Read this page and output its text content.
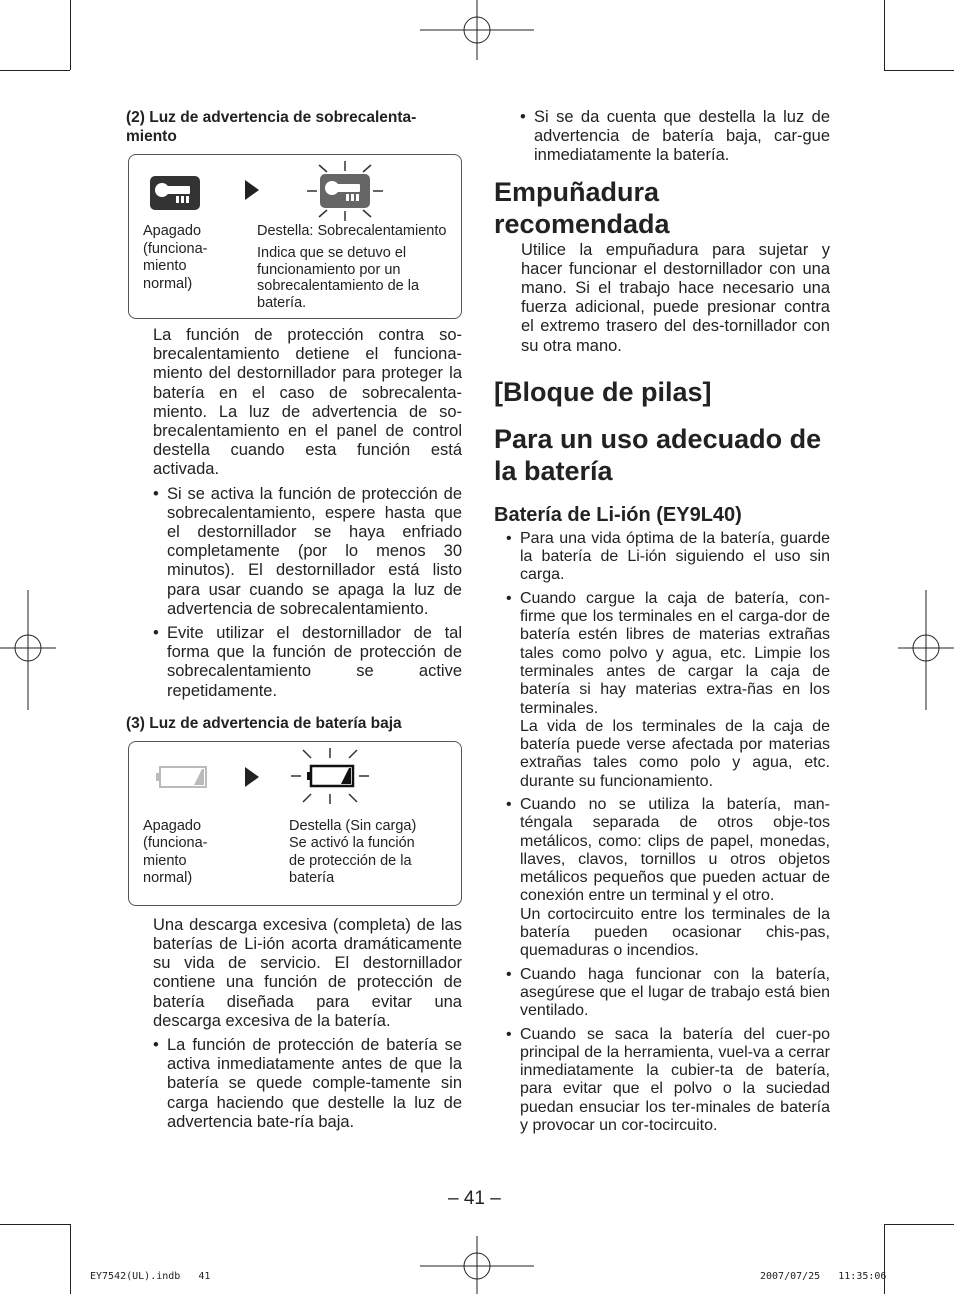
(2) Luz de advertencia de sobrecalenta-
miento
Apagado
(funciona-
miento
normal)
Destella: Sobrecalentamiento
Indica que se detuvo el
funcionamiento por un
sobrecalentamiento de la
batería.

La función de protección contra so-brecalentamiento detiene el funciona-miento del destornillador para proteger la batería en el caso de sobrecalenta-miento. La luz de advertencia de so-brecalentamiento en el panel de control destella cuando esta función está activada.

• Si se activa la función de protección de sobrecalentamiento, espere hasta que el destornillador se haya enfriado completamente (por lo menos 30 minutos). El destornillador está listo para usar cuando se apaga la luz de advertencia de sobrecalentamiento.
• Evite utilizar el destornillador de tal forma que la función de protección de sobrecalentamiento se active repetidamente.
(3) Luz de advertencia de batería baja
Apagado
(funciona-
miento
normal)
Destella (Sin carga)
Se activó la función
de protección de la
batería

Una descarga excesiva (completa) de las baterías de Li-ión acorta dramáticamente su vida de servicio. El destornillador contiene una función de protección de batería diseñada para evitar una descarga excesiva de la batería.

• La función de protección de batería se activa inmediatamente antes de que la batería se quede comple-tamente sin carga haciendo que destelle la luz de advertencia bate-ría baja.
• Si se da cuenta que destella la luz de advertencia de batería baja, car-gue inmediatamente la batería.
Empuñadura recomendada

Utilice la empuñadura para sujetar y hacer funcionar el destornillador con una mano. Si el trabajo hace necesario una fuerza adicional, puede presionar contra el extremo trasero del des-tornillador con su otra mano.

[Bloque de pilas]
Para un uso adecuado de la batería
Batería de Li-ión (EY9L40)
• Para una vida óptima de la batería, guarde la batería de Li-ión siguiendo el uso sin carga.
• Cuando cargue la caja de batería, con-firme que los terminales en el carga-dor de batería estén libres de materias extrañas tales como polvo y agua, etc. Limpie los terminales antes de cargar la caja de batería si hay materias extra-ñas en los terminales.
La vida de los terminales de la caja de batería puede verse afectada por materias extrañas tales como polo y agua, etc. durante su funcionamiento.
• Cuando no se utiliza la batería, man-téngala separada de otros obje-tos metálicos, como: clips de papel, monedas, llaves, clavos, tornillos u otros objetos metálicos pequeños que pueden actuar de conexión entre un terminal y el otro.
Un cortocircuito entre los terminales de la batería pueden ocasionar chis-pas, quemaduras o incendios.
• Cuando haga funcionar con la batería, asegúrese que el lugar de trabajo está bien ventilado.
• Cuando se saca la batería del cuer-po principal de la herramienta, vuel-va a cerrar inmediatamente la cubier-ta de batería, para evitar que el polvo o la suciedad puedan ensuciar los ter-minales de batería y provocar un cor-tocircuito.
– 41 –
EY7542(UL).indb   41	2007/07/25   11:35:06
